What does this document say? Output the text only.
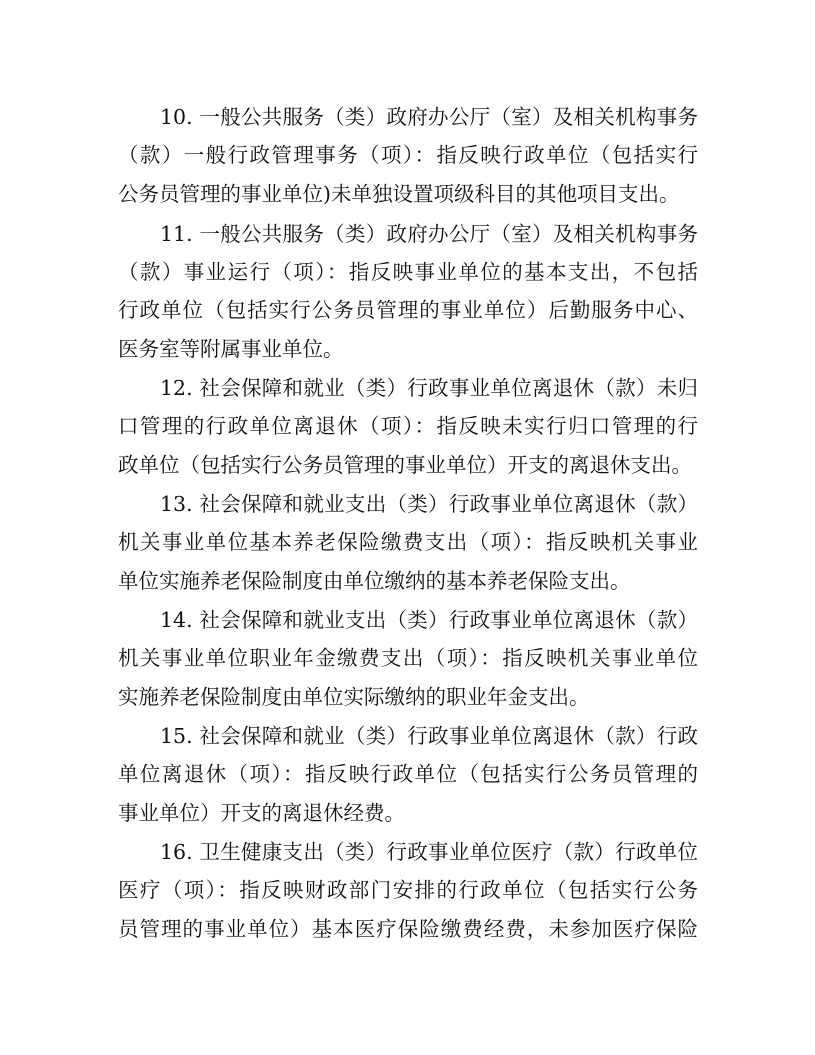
10. 一般公共服务（类）政府办公厅（室）及相关机构事务
（款）一般行政管理事务（项）：指反映行政单位（包括实行
公务员管理的事业单位)未单独设置项级科目的其他项目支出。
11. 一般公共服务（类）政府办公厅（室）及相关机构事务
（款）事业运行（项）：指反映事业单位的基本支出，不包括
行政单位（包括实行公务员管理的事业单位）后勤服务中心、
医务室等附属事业单位。
12. 社会保障和就业（类）行政事业单位离退休（款）未归
口管理的行政单位离退休（项）：指反映未实行归口管理的行
政单位（包括实行公务员管理的事业单位）开支的离退休支出。
13. 社会保障和就业支出（类）行政事业单位离退休（款）
机关事业单位基本养老保险缴费支出（项）：指反映机关事业
单位实施养老保险制度由单位缴纳的基本养老保险支出。
14. 社会保障和就业支出（类）行政事业单位离退休（款）
机关事业单位职业年金缴费支出（项）：指反映机关事业单位
实施养老保险制度由单位实际缴纳的职业年金支出。
15. 社会保障和就业（类）行政事业单位离退休（款）行政
单位离退休（项）：指反映行政单位（包括实行公务员管理的
事业单位）开支的离退休经费。
16. 卫生健康支出（类）行政事业单位医疗（款）行政单位
医疗（项）：指反映财政部门安排的行政单位（包括实行公务
员管理的事业单位）基本医疗保险缴费经费，未参加医疗保险
